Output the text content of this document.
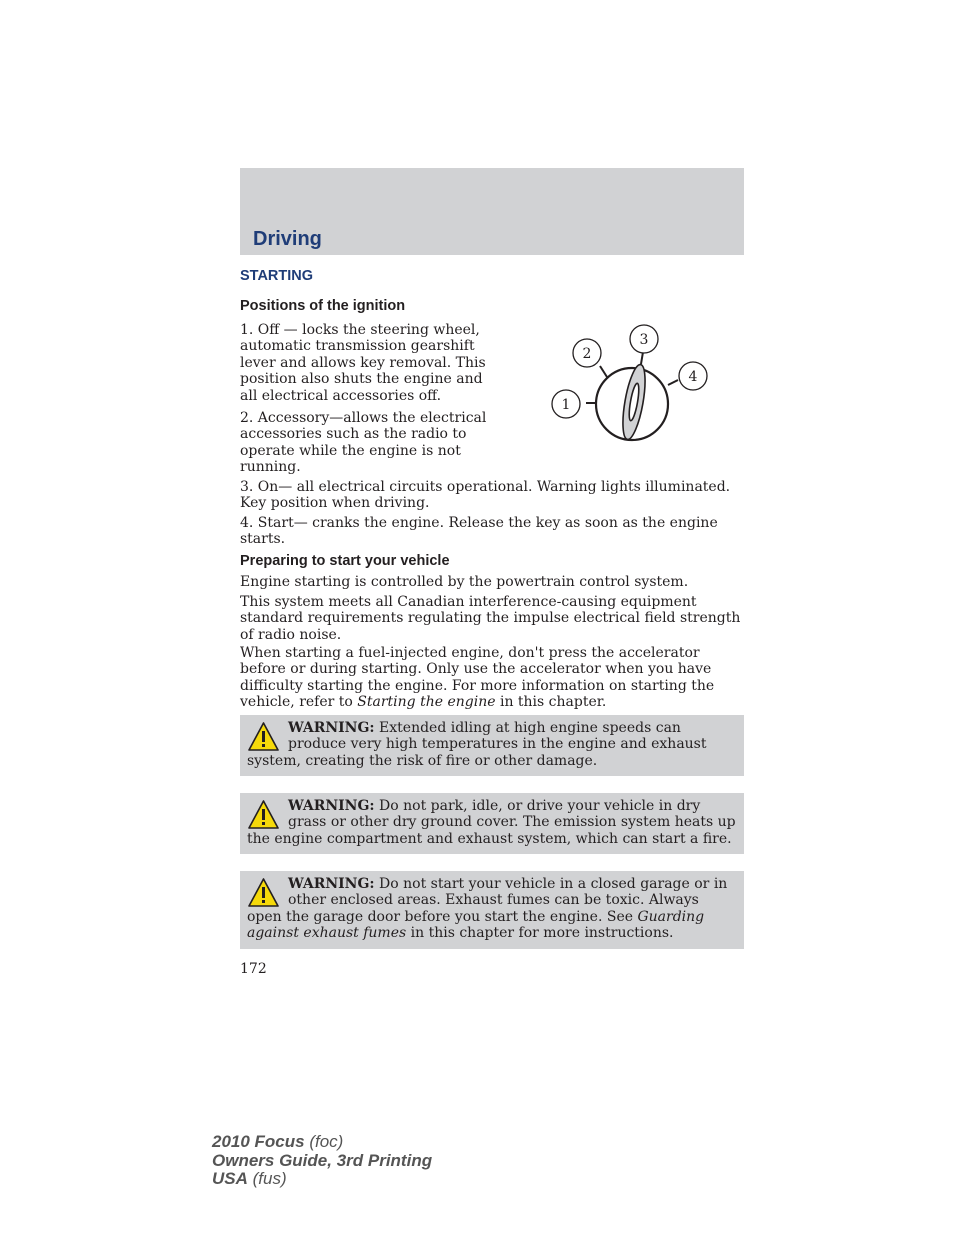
Driving
STARTING
Positions of the ignition

1. Off — locks the steering wheel, automatic transmission gearshift lever and allows key removal. This position also shuts the engine and all electrical accessories off.

2. Accessory—allows the electrical accessories such as the radio to operate while the engine is not running.

1
2
3
4

3. On— all electrical circuits operational. Warning lights illuminated. Key position when driving.

4. Start— cranks the engine. Release the key as soon as the engine starts.

Preparing to start your vehicle

Engine starting is controlled by the powertrain control system.

This system meets all Canadian interference-causing equipment standard requirements regulating the impulse electrical field strength of radio noise.

When starting a fuel-injected engine, don't press the accelerator before or during starting. Only use the accelerator when you have difficulty starting the engine. For more information on starting the vehicle, refer to Starting the engine in this chapter.

WARNING: Extended idling at high engine speeds can produce very high temperatures in the engine and exhaust system, creating the risk of fire or other damage.
WARNING: Do not park, idle, or drive your vehicle in dry grass or other dry ground cover. The emission system heats up the engine compartment and exhaust system, which can start a fire.
WARNING: Do not start your vehicle in a closed garage or in other enclosed areas. Exhaust fumes can be toxic. Always open the garage door before you start the engine. See Guarding against exhaust fumes in this chapter for more instructions.
172
2010 Focus (foc)
Owners Guide, 3rd Printing
USA (fus)
